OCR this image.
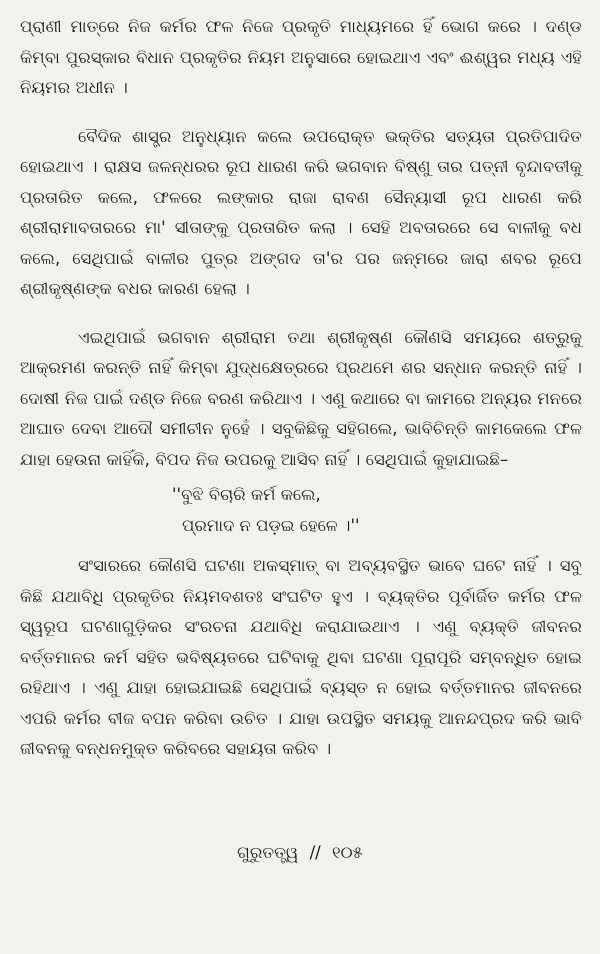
ପ୍ରାଣୀ ମାତ୍ରେ ନିଜ କର୍ମର ଫଳ ନିଜେ ପ୍ରକୃତି ମାଧ୍ୟମରେ ହିଁ ଭୋଗ କରେ । ଦଣ୍ଡ କିମ୍ବା ପୁରସ୍କାର ବିଧାନ ପ୍ରକୃତିର ନିୟମ ଅନୁସାରେ ହୋଇଥାଏ ଏବଂ ଈଶ୍ୱର ମଧ୍ୟ ଏହି ନିୟମର ଅଧୀନ ।

ବୈଦିକ ଶାସ୍ତ୍ର ଅନୁଧ୍ୟାନ କଲେ ଉପରୋକ୍ତ ଭକ୍ତିର ସତ୍ୟତା ପ୍ରତିପାଦିତ ହୋଇଥାଏ । ରାକ୍ଷସ ଜଳନ୍ଧରର ରୂପ ଧାରଣ କରି ଭଗବାନ ବିଷ୍ଣୁ ତାର ପତ୍ନୀ ବୃନ୍ଦାବତୀକୁ ପ୍ରତାରିତ କଲେ, ଫଳରେ ଲଙ୍କାର ରାଜା ରାବଣ ସୈନ୍ୟାସୀ ରୂପ ଧାରଣ କରି ଶ୍ରୀରାମାବତାରରେ ମା' ସୀତାଙ୍କୁ ପ୍ରତାରିତ କଲା । ସେହି ଅବତାରରେ ସେ ବାଳୀକୁ ବଧ କଲେ, ସେଥିପାଇଁ ବାଳୀର ପୁତ୍ର ଅଙ୍ଗଦ ତା'ର ପର ଜନ୍ମରେ ଜାରା ଶବର ରୂପେ ଶ୍ରୀକୃଷ୍ଣଙ୍କ ବଧର କାରଣ ହେଲା ।

ଏଇଥିପାଇଁ ଭଗବାନ ଶ୍ରୀରାମ ତଥା ଶ୍ରୀକୃଷ୍ଣ କୌଣସି ସମୟରେ ଶତ୍ରୁକୁ ଆକ୍ରମଣ କରନ୍ତି ନାହିଁ କିମ୍ବା ଯୁଦ୍ଧକ୍ଷେତ୍ରରେ ପ୍ରଥମେ ଶର ସନ୍ଧାନ କରନ୍ତି ନାହିଁ । ଦୋଷୀ ନିଜ ପାଇଁ ଦଣ୍ଡ ନିଜେ ବରଣ କରିଥାଏ । ଏଣୁ କଥାରେ ବା କାମରେ ଅନ୍ୟର ମନରେ ଆଘାତ ଦେବା ଆଦୌ ସମୀଚୀନ ନୁହେଁ । ସବୁକିଛିକୁ ସହିଗଲେ, ଭାବିଚିନ୍ତି କାମକେଲେ ଫଳ ଯାହା ହେଉନା କାହିଁକି, ବିପଦ ନିଜ ଉପରକୁ ଆସିବ ନାହିଁ । ସେଥିପାଇଁ କୁହାଯାଇଛି–

''ବୁଝି ବିଚାରି କର୍ମ କଲେ,
ପ୍ରମାଦ ନ ପଡ଼ଇ ହେଳେ ।''

ସଂସାରରେ କୌଣସି ଘଟଣା ଅକସ୍ମାତ୍ ବା ଅବ୍ୟବସ୍ଥିତ ଭାବେ ଘଟେ ନାହିଁ । ସବୁ କିଛି ଯଥାବିଧି ପ୍ରକୃତିର ନିୟମବଶତଃ ସଂଘଟିତ ହୁଏ । ବ୍ୟକ୍ତିର ପୂର୍ବାର୍ଜିତ କର୍ମର ଫଳ ସ୍ୱରୂପ ଘଟଣାଗୁଡ଼ିକର ସଂରଚନା ଯଥାବିଧି କରାଯାଇଥାଏ । ଏଣୁ ବ୍ୟକ୍ତି ଜୀବନର ବର୍ତ୍ତମାନର କର୍ମ ସହିତ ଭବିଷ୍ୟତରେ ଘଟିବାକୁ ଥିବା ଘଟଣା ପୂରାପୂରି ସମ୍ବନ୍ଧିତ ହୋଇ ରହିଥାଏ । ଏଣୁ ଯାହା ହୋଇଯାଇଛି ସେଥିପାଇଁ ବ୍ୟସ୍ତ ନ ହୋଇ ବର୍ତ୍ତମାନର ଜୀବନରେ ଏପରି କର୍ମର ବୀଜ ବପନ କରିବା ଉଚିତ । ଯାହା ଉପସ୍ଥିତ ସମୟକୁ ଆନନ୍ଦପ୍ରଦ କରି ଭାବି ଜୀବନକୁ ବନ୍ଧନମୁକ୍ତ କରିବରେ ସହାୟତା କରିବ ।

ଗୁରୁତତ୍ତ୍ୱ // ୧୦୫
